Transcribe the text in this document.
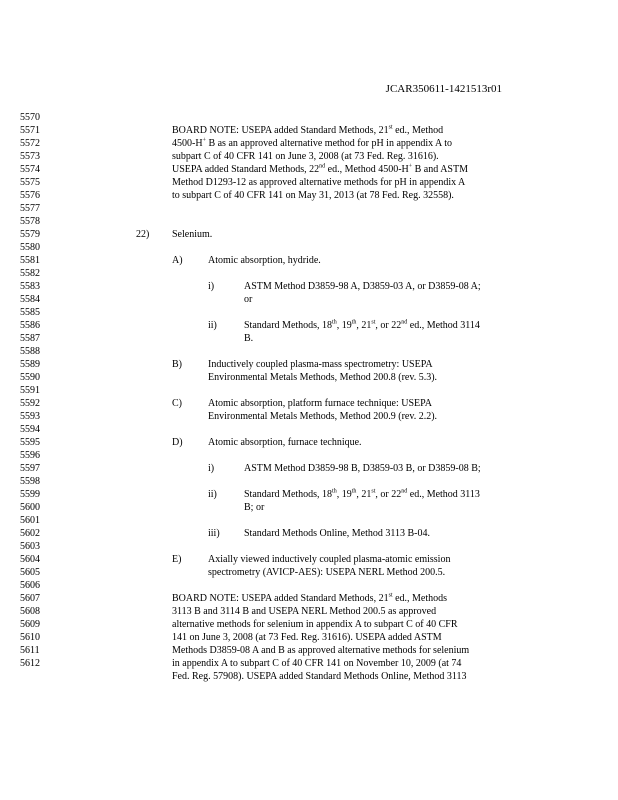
JCAR350611-1421513r01
5570
5571
5572
5573
5574
5575
5576
5577
5578
5579
5580
5581
5582
5583
5584
5585
5586
5587
5588
5589
5590
5591
5592
5593
5594
5595
5596
5597
5598
5599
5600
5601
5602
5603
5604
5605
5606
5607
5608
5609
5610
5611
5612
BOARD NOTE: USEPA added Standard Methods, 21st ed., Method
4500-H+ B as an approved alternative method for pH in appendix A to
subpart C of 40 CFR 141 on June 3, 2008 (at 73 Fed. Reg. 31616).
USEPA added Standard Methods, 22nd ed., Method 4500-H+ B and ASTM
Method D1293-12 as approved alternative methods for pH in appendix A
to subpart C of 40 CFR 141 on May 31, 2013 (at 78 Fed. Reg. 32558).
22) Selenium.
A)	Atomic absorption, hydride.
i)	ASTM Method D3859-98 A, D3859-03 A, or D3859-08 A;
or
ii)	Standard Methods, 18th, 19th, 21st, or 22nd ed., Method 3114
B.
B)	Inductively coupled plasma-mass spectrometry: USEPA
Environmental Metals Methods, Method 200.8 (rev. 5.3).
C)	Atomic absorption, platform furnace technique: USEPA
Environmental Metals Methods, Method 200.9 (rev. 2.2).
D)	Atomic absorption, furnace technique.
i)	ASTM Method D3859-98 B, D3859-03 B, or D3859-08 B;
ii)	Standard Methods, 18th, 19th, 21st, or 22nd ed., Method 3113
B; or
iii) Standard Methods Online, Method 3113 B-04.
E)	Axially viewed inductively coupled plasma-atomic emission
spectrometry (AVICP-AES): USEPA NERL Method 200.5.
BOARD NOTE: USEPA added Standard Methods, 21st ed., Methods
3113 B and 3114 B and USEPA NERL Method 200.5 as approved
alternative methods for selenium in appendix A to subpart C of 40 CFR
141 on June 3, 2008 (at 73 Fed. Reg. 31616). USEPA added ASTM
Methods D3859-08 A and B as approved alternative methods for selenium
in appendix A to subpart C of 40 CFR 141 on November 10, 2009 (at 74
Fed. Reg. 57908). USEPA added Standard Methods Online, Method 3113
